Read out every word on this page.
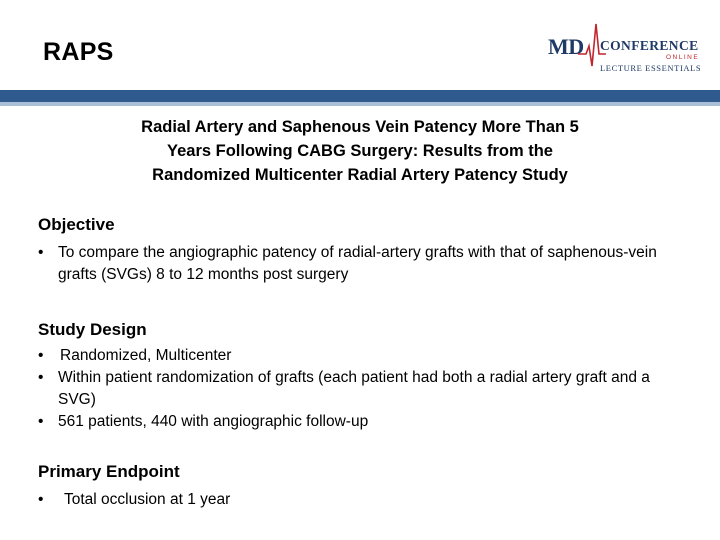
RAPS	MD CONFERENCE
ONLINE
LECTURE ESSENTIALS
Radial Artery and Saphenous Vein Patency More Than 5
Years Following CABG Surgery: Results from the
Randomized Multicenter Radial Artery Patency Study
Objective
• To compare the angiographic patency of radial-artery grafts with that of saphenous-vein grafts (SVGs) 8 to 12 months post surgery
Study Design
• Randomized, Multicenter
• Within patient randomization of grafts (each patient had both a radial artery graft and a SVG)
• 561 patients, 440 with angiographic follow-up
Primary Endpoint
• Total occlusion at 1 year
